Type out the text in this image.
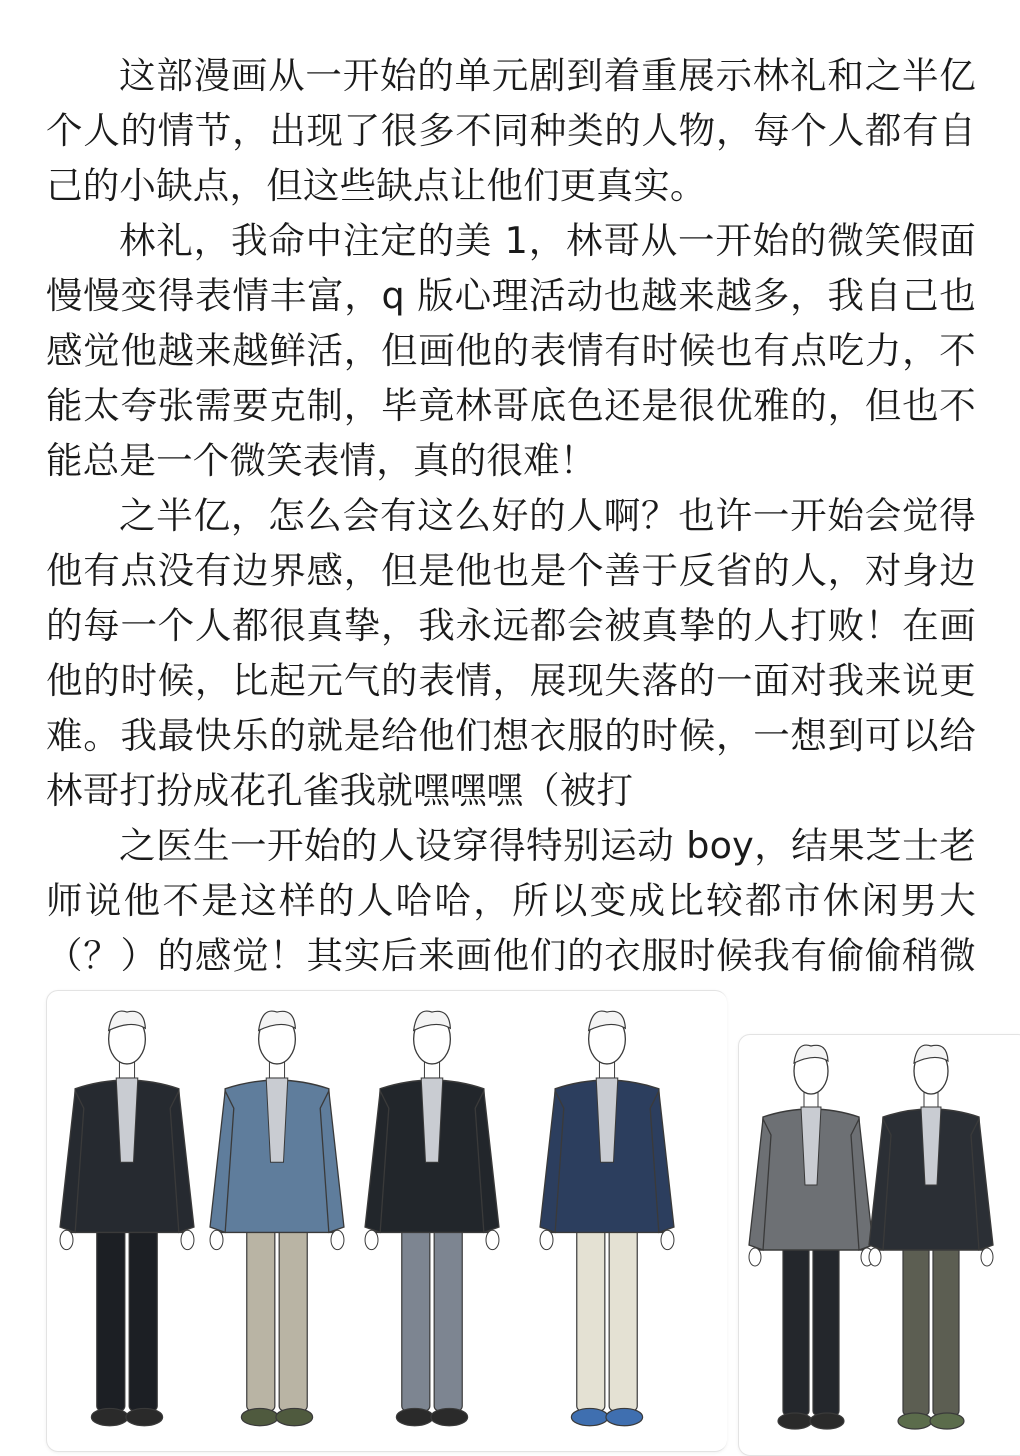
这部漫画从一开始的单元剧到着重展示林礼和之半亿个人的情节，出现了很多不同种类的人物，每个人都有自己的小缺点，但这些缺点让他们更真实。

林礼，我命中注定的美 1，林哥从一开始的微笑假面慢慢变得表情丰富，q 版心理活动也越来越多，我自己也感觉他越来越鲜活，但画他的表情有时候也有点吃力，不能太夸张需要克制，毕竟林哥底色还是很优雅的，但也不能总是一个微笑表情，真的很难！

之半亿，怎么会有这么好的人啊？也许一开始会觉得他有点没有边界感，但是他也是个善于反省的人，对身边的每一个人都很真挚，我永远都会被真挚的人打败！在画他的时候，比起元气的表情，展现失落的一面对我来说更难。我最快乐的就是给他们想衣服的时候，一想到可以给林哥打扮成花孔雀我就嘿嘿嘿（被打

之医生一开始的人设穿得特别运动 boy，结果芝士老师说他不是这样的人哈哈，所以变成比较都市休闲男大（？）的感觉！其实后来画他们的衣服时候我有偷偷稍微
